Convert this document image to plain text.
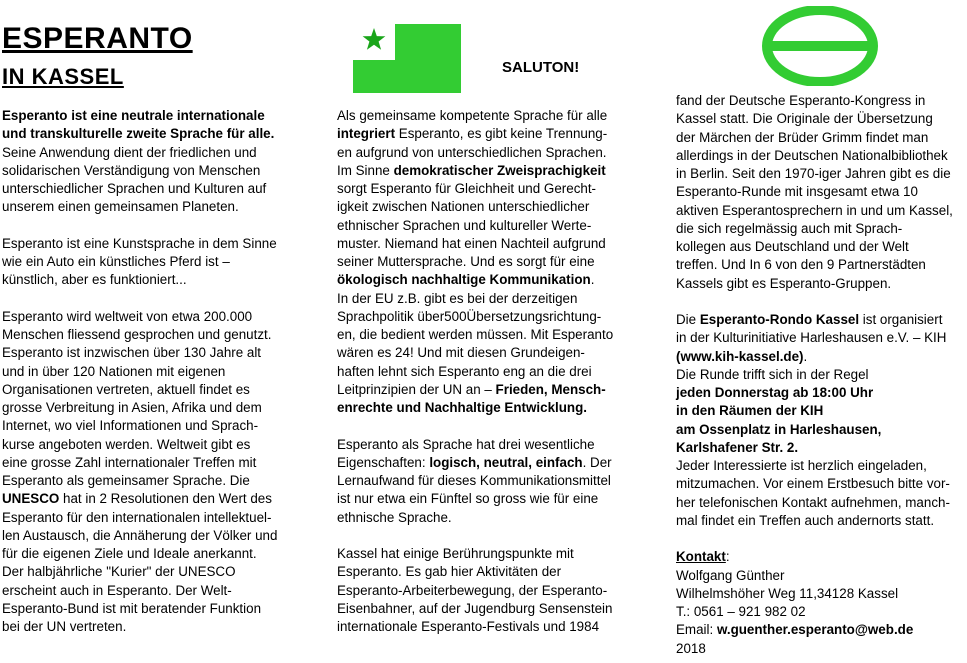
ESPERANTO
IN KASSEL	SALUTON!

Esperanto ist eine neutrale internationale
und transkulturelle zweite Sprache für alle.
Seine Anwendung dient der friedlichen und
solidarischen Verständigung von Menschen
unterschiedlicher Sprachen und Kulturen auf
unserem einen gemeinsamen Planeten.

Esperanto ist eine Kunstsprache in dem Sinne
wie ein Auto ein künstliches Pferd ist –
künstlich, aber es funktioniert...

Esperanto wird weltweit von etwa 200.000
Menschen fliessend gesprochen und genutzt.
Esperanto ist inzwischen über 130 Jahre alt
und in über 120 Nationen mit eigenen
Organisationen vertreten, aktuell findet es
grosse Verbreitung in Asien, Afrika und dem
Internet, wo viel Informationen und Sprach-
kurse angeboten werden. Weltweit gibt es
eine grosse Zahl internationaler Treffen mit
Esperanto als gemeinsamer Sprache. Die
UNESCO hat in 2 Resolutionen den Wert des
Esperanto für den internationalen intellektuel-
len Austausch, die Annäherung der Völker und
für die eigenen Ziele und Ideale anerkannt.
Der halbjährliche "Kurier" der UNESCO
erscheint auch in Esperanto. Der Welt-
Esperanto-Bund ist mit beratender Funktion
bei der UN vertreten.

Als gemeinsame kompetente Sprache für alle
integriert Esperanto, es gibt keine Trennung-
en aufgrund von unterschiedlichen Sprachen.
Im Sinne demokratischer Zweisprachigkeit
sorgt Esperanto für Gleichheit und Gerecht-
igkeit zwischen Nationen unterschiedlicher
ethnischer Sprachen und kultureller Werte-
muster. Niemand hat einen Nachteil aufgrund
seiner Muttersprache. Und es sorgt für eine
ökologisch nachhaltige Kommunikation.
In der EU z.B. gibt es bei der derzeitigen
Sprachpolitik über500Übersetzungsrichtung-
en, die bedient werden müssen. Mit Esperanto
wären es 24! Und mit diesen Grundeigen-
haften lehnt sich Esperanto eng an die drei
Leitprinzipien der UN an – Frieden, Mensch-
enrechte und Nachhaltige Entwicklung.

Esperanto als Sprache hat drei wesentliche
Eigenschaften: logisch, neutral, einfach. Der
Lernaufwand für dieses Kommunikationsmittel
ist nur etwa ein Fünftel so gross wie für eine
ethnische Sprache.

Kassel hat einige Berührungspunkte mit
Esperanto. Es gab hier Aktivitäten der
Esperanto-Arbeiterbewegung, der Esperanto-
Eisenbahner, auf der Jugendburg Sensenstein
internationale Esperanto-Festivals und 1984

fand der Deutsche Esperanto-Kongress in
Kassel statt. Die Originale der Übersetzung
der Märchen der Brüder Grimm findet man
allerdings in der Deutschen Nationalbibliothek
in Berlin. Seit den 1970-iger Jahren gibt es die
Esperanto-Runde mit insgesamt etwa 10
aktiven Esperantosprechern in und um Kassel,
die sich regelmässig auch mit Sprach-
kollegen aus Deutschland und der Welt
treffen. Und In 6 von den 9 Partnerstädten
Kassels gibt es Esperanto-Gruppen.

Die Esperanto-Rondo Kassel ist organisiert
in der Kulturinitiative Harleshausen e.V. – KIH
(www.kih-kassel.de).
Die Runde trifft sich in der Regel
jeden Donnerstag ab 18:00 Uhr
in den Räumen der KIH
am Ossenplatz in Harleshausen,
Karlshafener Str. 2.
Jeder Interessierte ist herzlich eingeladen,
mitzumachen. Vor einem Erstbesuch bitte vor-
her telefonischen Kontakt aufnehmen, manch-
mal findet ein Treffen auch andernorts statt.

Kontakt:
Wolfgang Günther
Wilhelmshöher Weg 11,34128 Kassel
T.: 0561 – 921 982 02
Email: w.guenther.esperanto@web.de
2018
